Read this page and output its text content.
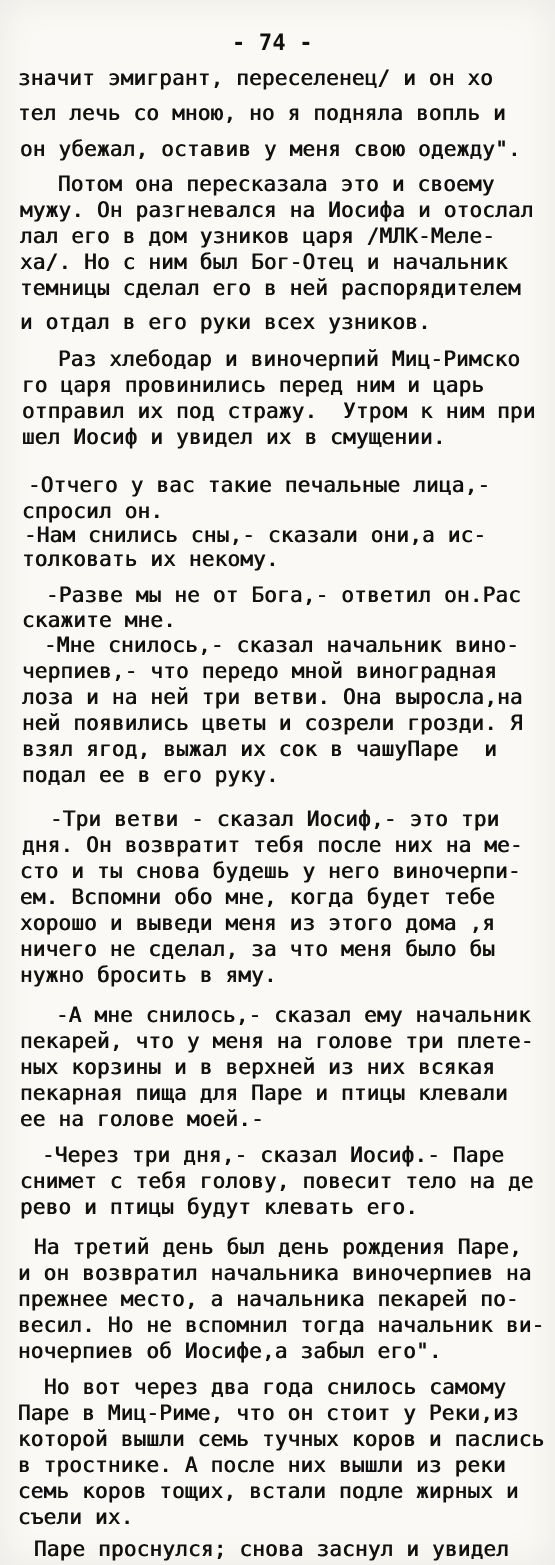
- 74 -
значит эмигрант, переселенец/ и он хо
тел лечь со мною, но я подняла вопль и
он убежал, оставив у меня свою одежду".
Потом она пересказала это и своему
мужу. Он разгневался на Иосифа и отослал
лал его в дом узников царя /МЛК-Меле-
ха/. Но с ним был Бог-Отец и начальник
темницы сделал его в ней распорядителем
и отдал в его руки всех узников.
Раз хлебодар и виночерпий Миц-Римско
го царя провинились перед ним и царь
отправил их под стражу.  Утром к ним при
шел Иосиф и увидел их в смущении.
-Отчего у вас такие печальные лица,-
спросил он.
-Нам снились сны,- сказали они,а ис-
толковать их некому.
-Разве мы не от Бога,- ответил он.Рас
скажите мне.
-Мне снилось,- сказал начальник вино-
черпиев,- что передо мной виноградная
лоза и на ней три ветви. Она выросла,на
ней появились цветы и созрели грозди. Я
взял ягод, выжал их сок в чашуПаре  и
подал ее в его руку.
-Три ветви - сказал Иосиф,- это три
дня. Он возвратит тебя после них на ме-
сто и ты снова будешь у него виночерпи-
ем. Вспомни обо мне, когда будет тебе
хорошо и выведи меня из этого дома ,я
ничего не сделал, за что меня было бы
нужно бросить в яму.
-А мне снилось,- сказал ему начальник
пекарей, что у меня на голове три плете-
ных корзины и в верхней из них всякая
пекарная пища для Паре и птицы клевали
ее на голове моей.-
-Через три дня,- сказал Иосиф.- Паре
снимет с тебя голову, повесит тело на де
рево и птицы будут клевать его.
На третий день был день рождения Паре,
и он возвратил начальника виночерпиев на
прежнее место, а начальника пекарей по-
весил. Но не вспомнил тогда начальник ви-
ночерпиев об Иосифе,а забыл его".
Но вот через два года снилось самому
Паре в Миц-Риме, что он стоит у Реки,из
которой вышли семь тучных коров и паслись
в тростнике. А после них вышли из реки
семь коров тощих, встали подле жирных и
съели их.
Паре проснулся; снова заснул и увидел
